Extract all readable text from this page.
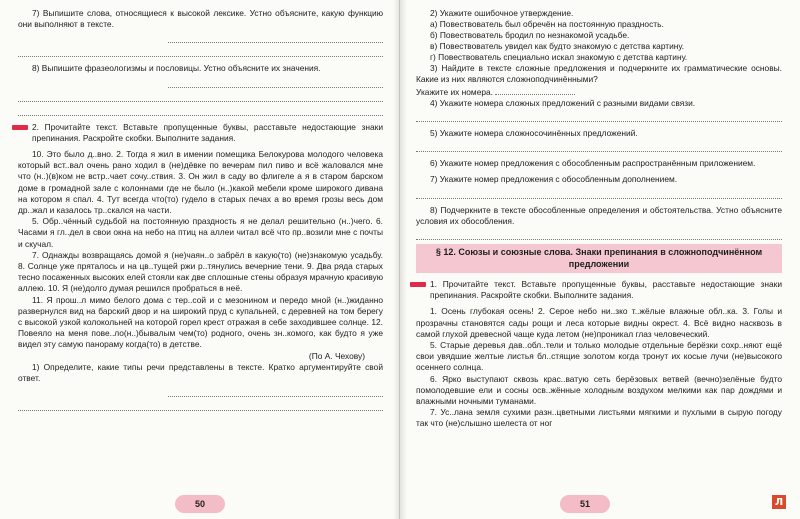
7) Выпишите слова, относящиеся к высокой лексике. Устно объясните, какую функцию они выполняют в тексте.

8) Выпишите фразеологизмы и пословицы. Устно объясните их значения.

2. Прочитайте текст. Вставьте пропущенные буквы, расставьте недостающие знаки препинания. Раскройте скобки. Выполните задания.

10. Это было д..вно. 2. Тогда я жил в имении помещика Белокурова молодого человека который вст..вал очень рано ходил в (не)дёвке по вечерам пил пиво и всё жаловался мне что (н..)(в)ком не встр..чает сочу..ствия. 3. Он жил в саду во флигеле а я в старом барском доме в громадной зале с колоннами где не было (н..)какой мебели кроме широкого дивана на котором я спал. 4. Тут всегда что(то) гудело в старых печах а во время грозы весь дом др..жал и казалось тр..скался на части.

5. Обр..чённый судьбой на постоянную праздность я не делал решительно (н..)чего. 6. Часами я гл..дел в свои окна на небо на птиц на аллеи читал всё что пр..возили мне с почты и скучал.

7. Однажды возвращаясь домой я (не)чаян..о забрёл в какую(то) (не)знакомую усадьбу. 8. Солнце уже пряталось и на цв..тущей ржи р..тянулись вечерние тени. 9. Два ряда старых тесно посаженных высоких елей стояли как две сплошные стены образуя мрачную красивую аллею. 10. Я (не)долго думая решился пробраться в неё.

11. Я прош..л мимо белого дома с тер..сой и с мезонином и передо мной (н..)жиданно развернулся вид на барский двор и на широкий пруд с купальней, с деревней на том берегу с высокой узкой колокольней на которой горел крест отражая в себе заходившее солнце. 12. Повеяло на меня пове..ло(н..)бывалым чем(то) родного, очень зн..комого, как будто я уже видел эту самую панораму когда(то) в детстве.

(По А. Чехову)

1) Определите, какие типы речи представлены в тексте. Кратко аргументируйте свой ответ.

50

2) Укажите ошибочное утверждение.

а) Повествователь был обречён на постоянную праздность.

б) Повествователь бродил по незнакомой усадьбе.

в) Повествователь увидел как будто знакомую с детства картину.

г) Повествователь специально искал знакомую с детства картину.

3) Найдите в тексте сложные предложения и подчеркните их грамматические основы. Какие из них являются сложноподчинёнными?

Укажите их номера.

4) Укажите номера сложных предложений с разными видами связи.

5) Укажите номера сложносочинённых предложений.

6) Укажите номер предложения с обособленным распространённым приложением.

7) Укажите номер предложения с обособленным дополнением.

8) Подчеркните в тексте обособленные определения и обстоятельства. Устно объясните условия их обособления.

§ 12. Союзы и союзные слова. Знаки препинания в сложноподчинённом предложении

1. Прочитайте текст. Вставьте пропущенные буквы, расставьте недостающие знаки препинания. Раскройте скобки. Выполните задания.

1. Осень глубокая осень! 2. Серое небо ни..зко т..жёлые влажные обл..ка. 3. Голы и прозрачны становятся сады рощи и леса которые видны окрест. 4. Всё видно насквозь в самой глухой древесной чаще куда летом (не)проникал глаз человеческий.

5. Старые деревья дав..обл..тели и только молодые отдельные берёзки сохр..няют ещё свои увядшие желтые листья бл..стящие золотом когда тронут их косые лучи (не)высокого осеннего солнца.

6. Ярко выступают сквозь крас..ватую сеть берёзовых ветвей (вечно)зелёные будто помолодевшие ели и сосны осв..жённые холодным воздухом мелкими как пар дождями и влажными ночными туманами.

7. Ус..лана земля сухими разн..цветными листьями мягкими и пухлыми в сырую погоду так что (не)слышно шелеста от ног

51	Л
